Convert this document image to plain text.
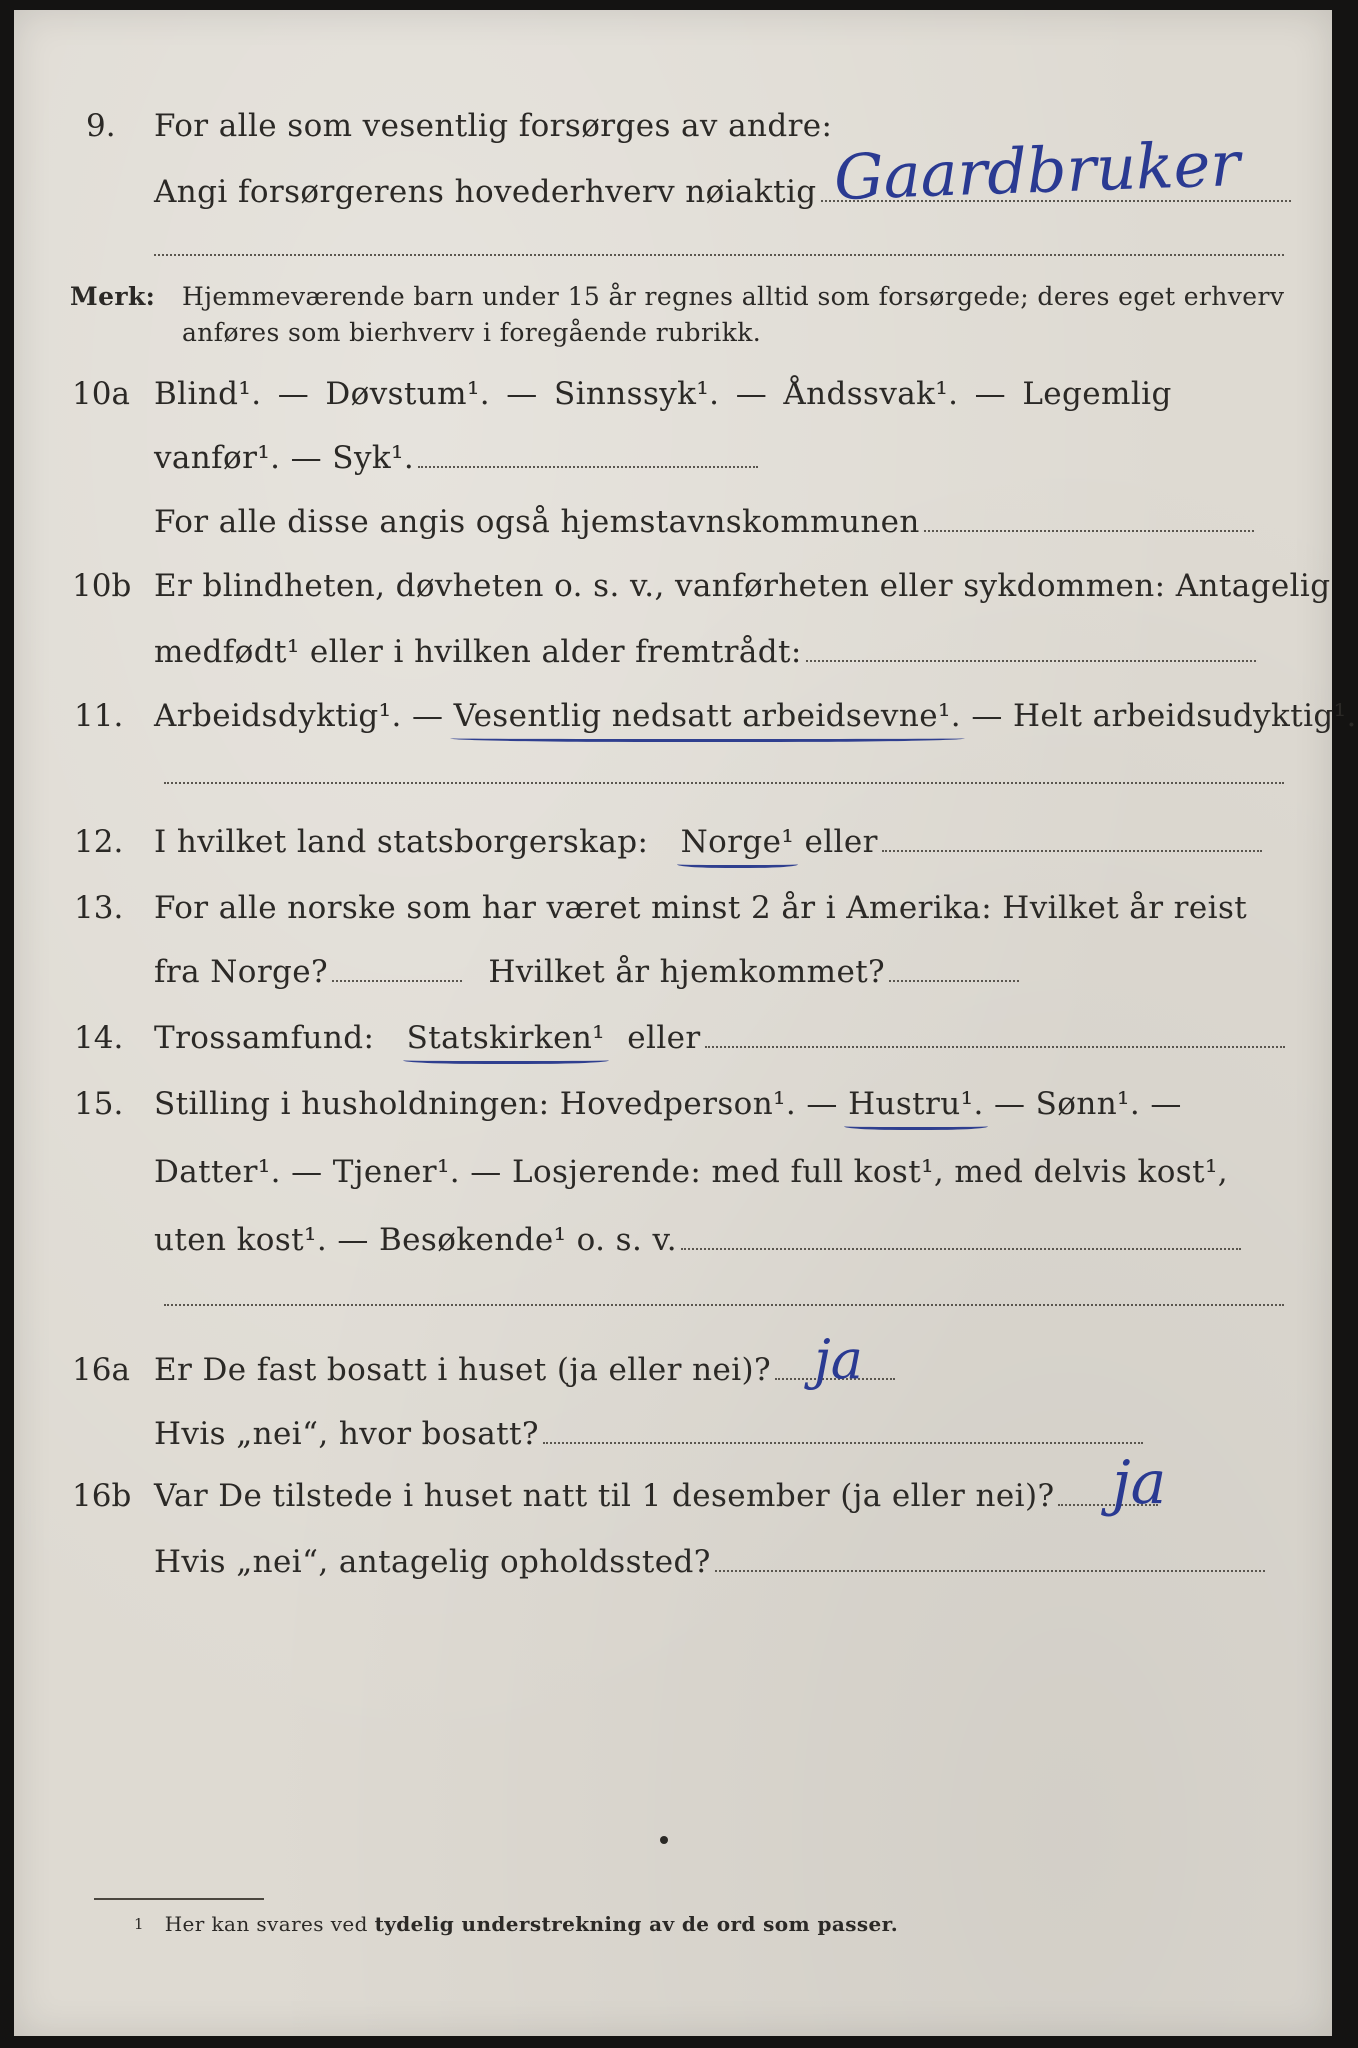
9. For alle som vesentlig forsørges av andre:
Angi forsørgerens hovederhverv nøiaktig Gaardbruker
Merk: Hjemmeværende barn under 15 år regnes alltid som forsørgede; deres eget erhverv
anføres som bierhverv i foregående rubrikk.
10a Blind¹. — Døvstum¹. — Sinnssyk¹. — Åndssvak¹. — Legemlig
vanfør¹. — Syk¹.
For alle disse angis også hjemstavnskommunen
10b Er blindheten, døvheten o. s. v., vanførheten eller sykdommen: Antagelig
medfødt¹ eller i hvilken alder fremtrådt:
11. Arbeidsdyktig¹. — Vesentlig nedsatt arbeidsevne¹. — Helt arbeidsudyktig¹.
12. I hvilket land statsborgerskap: Norge¹ eller
13. For alle norske som har været minst 2 år i Amerika: Hvilket år reist
fra Norge?	Hvilket år hjemkommet?
14. Trossamfund: Statskirken¹ eller
15. Stilling i husholdningen: Hovedperson¹. — Hustru¹. — Sønn¹. —
Datter¹. — Tjener¹. — Losjerende: med full kost¹, med delvis kost¹,
uten kost¹. — Besøkende¹ o. s. v.
16a Er De fast bosatt i huset (ja eller nei)? ja
Hvis „nei“, hvor bosatt?
16b Var De tilstede i huset natt til 1 desember (ja eller nei)? ja
Hvis „nei“, antagelig opholdssted?
$^1$ Her kan svares ved tydelig understrekning av de ord som passer.
